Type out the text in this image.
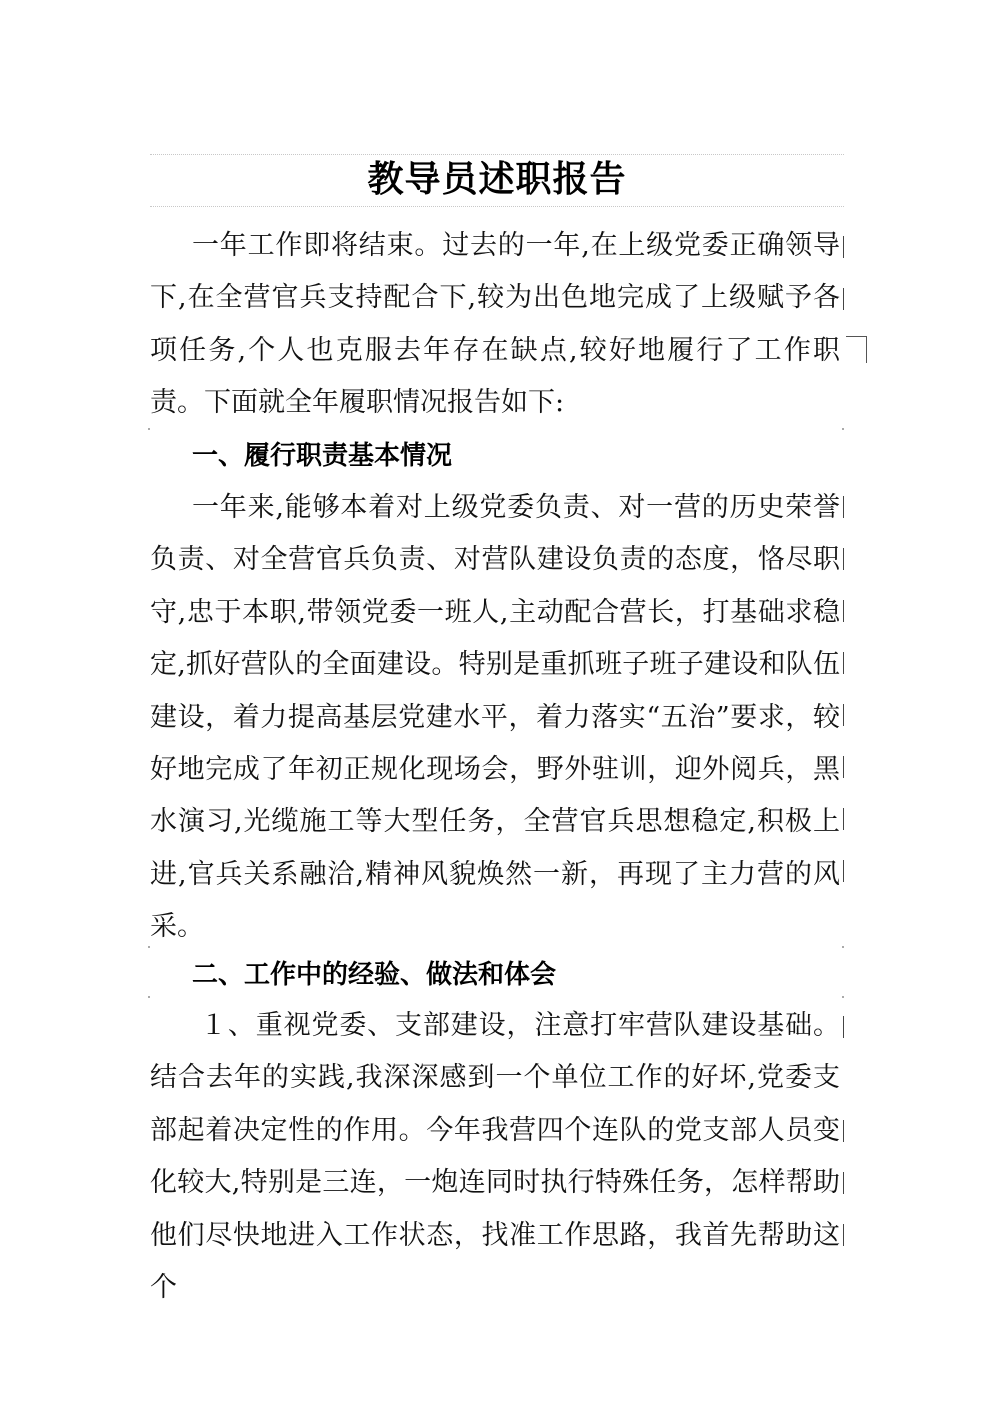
教导员述职报告
一年工作即将结束。过去的一年,在上级党委正确领导下,在全营官兵支持配合下,较为出色地完成了上级赋予各项任务,个人也克服去年存在缺点,较好地履行了工作职责。下面就全年履职情况报告如下:
一、履行职责基本情况
一年来,能够本着对上级党委负责、对一营的历史荣誉负责、对全营官兵负责、对营队建设负责的态度，恪尽职守,忠于本职,带领党委一班人,主动配合营长，打基础求稳定,抓好营队的全面建设。特别是重抓班子班子建设和队伍建设，着力提高基层党建水平，着力落实“五治”要求，较好地完成了年初正规化现场会，野外驻训，迎外阅兵，黑水演习,光缆施工等大型任务，全营官兵思想稳定,积极上进,官兵关系融洽,精神风貌焕然一新，再现了主力营的风采。
二、工作中的经验、做法和体会
１、重视党委、支部建设，注意打牢营队建设基础。结合去年的实践,我深深感到一个单位工作的好坏,党委支部起着决定性的作用。今年我营四个连队的党支部人员变化较大,特别是三连，一炮连同时执行特殊任务，怎样帮助他们尽快地进入工作状态，找准工作思路，我首先帮助这个
